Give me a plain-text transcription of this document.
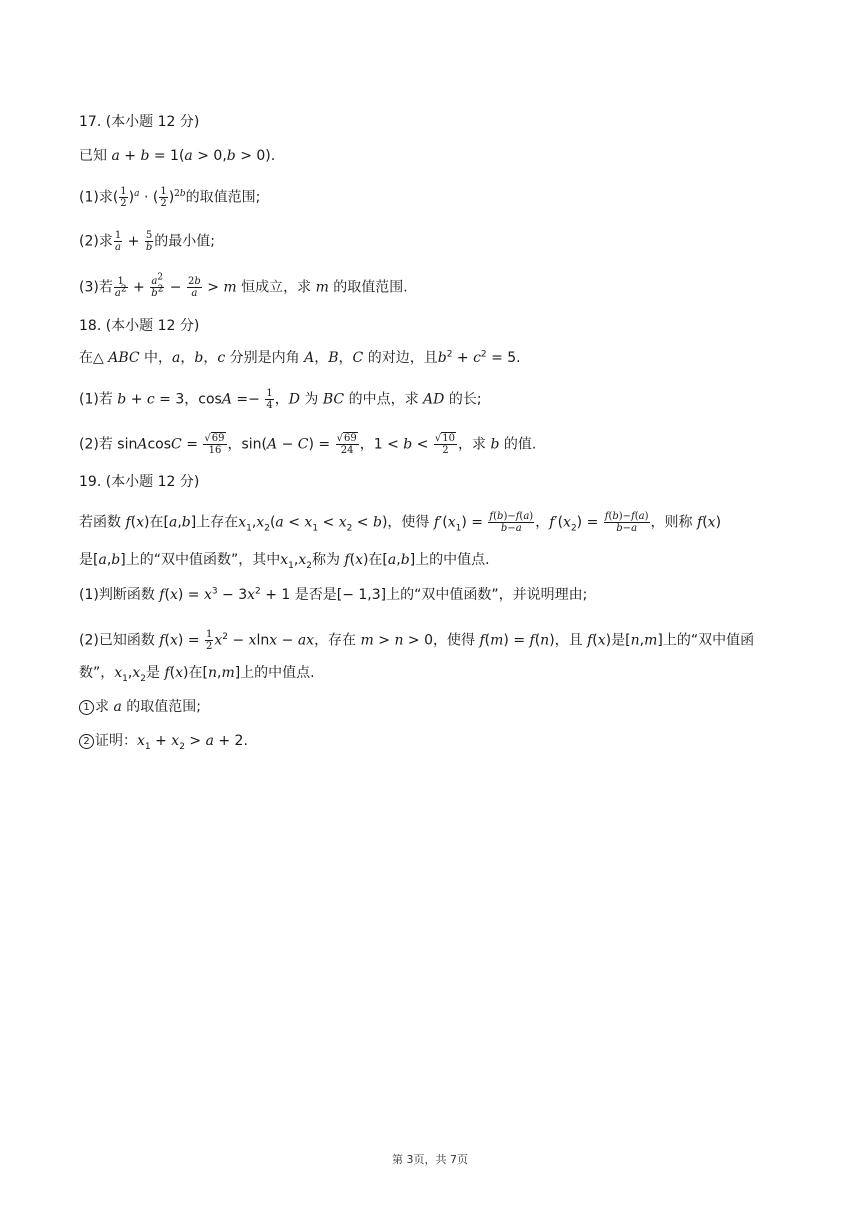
17. (本小题 12 分)
已知 a + b = 1(a > 0,b > 0).
(1)求( $\frac{1}{2} )^a$ · ( $\frac{1}{2} )^{2b}$的取值范围;
(2)求 $\frac{1}{a} + \frac{5}{b}$ 的最小值;
(3)若 $\frac{1}{a^2} + \frac{a^2}{b^2} - \frac{2b}{a} > m$ 恒成立，求 m 的取值范围.
18. (本小题 12 分)
在△ ABC 中，a，b，c 分别是内角 A，B，C 的对边，且$b^2 + c^2 = 5$.
(1)若 b + c = 3，$\cos A =- \frac{1}{4}$ ，D 为 BC 的中点，求 AD 的长;
(2)若 sinAcosC = $\frac{√69}{16}$ ，$\sin(A - C) = \frac{√69}{24}$ ，$1 < b < \frac{√10}{2}$ ，求 b 的值.
19. (本小题 12 分)
若函数 f(x)在[a,b]上存在$x_1,x_2(a < x_1 < x_2 < b)$，使得 $f'(x_1) = \frac{f(b)-f(a)}{b-a}$ ，$f'(x_2) = \frac{f(b)-f(a)}{b-a}$ ，则称 f(x)
是[a,b]上的“双中值函数”，其中$x_1,x_2$称为 f(x)在[a,b]上的中值点.
(1)判断函数 $f(x) = x^3 - 3x^2 + 1$ 是否是[− 1,3]上的“双中值函数”，并说明理由;
(2)已知函数 $f(x) = \frac{1}{2} x^2 - xlnx$ − ax，存在 m > n > 0，使得 f(m) = f(n)，且 f(x)是[n,m]上的“双中值函
数”，$x_1,x_2$是 f(x)在[n,m]上的中值点.
1 求 a 的取值范围;
2 证明：$x_1 + x_2 > a + 2$.
第 3页，共 7页
